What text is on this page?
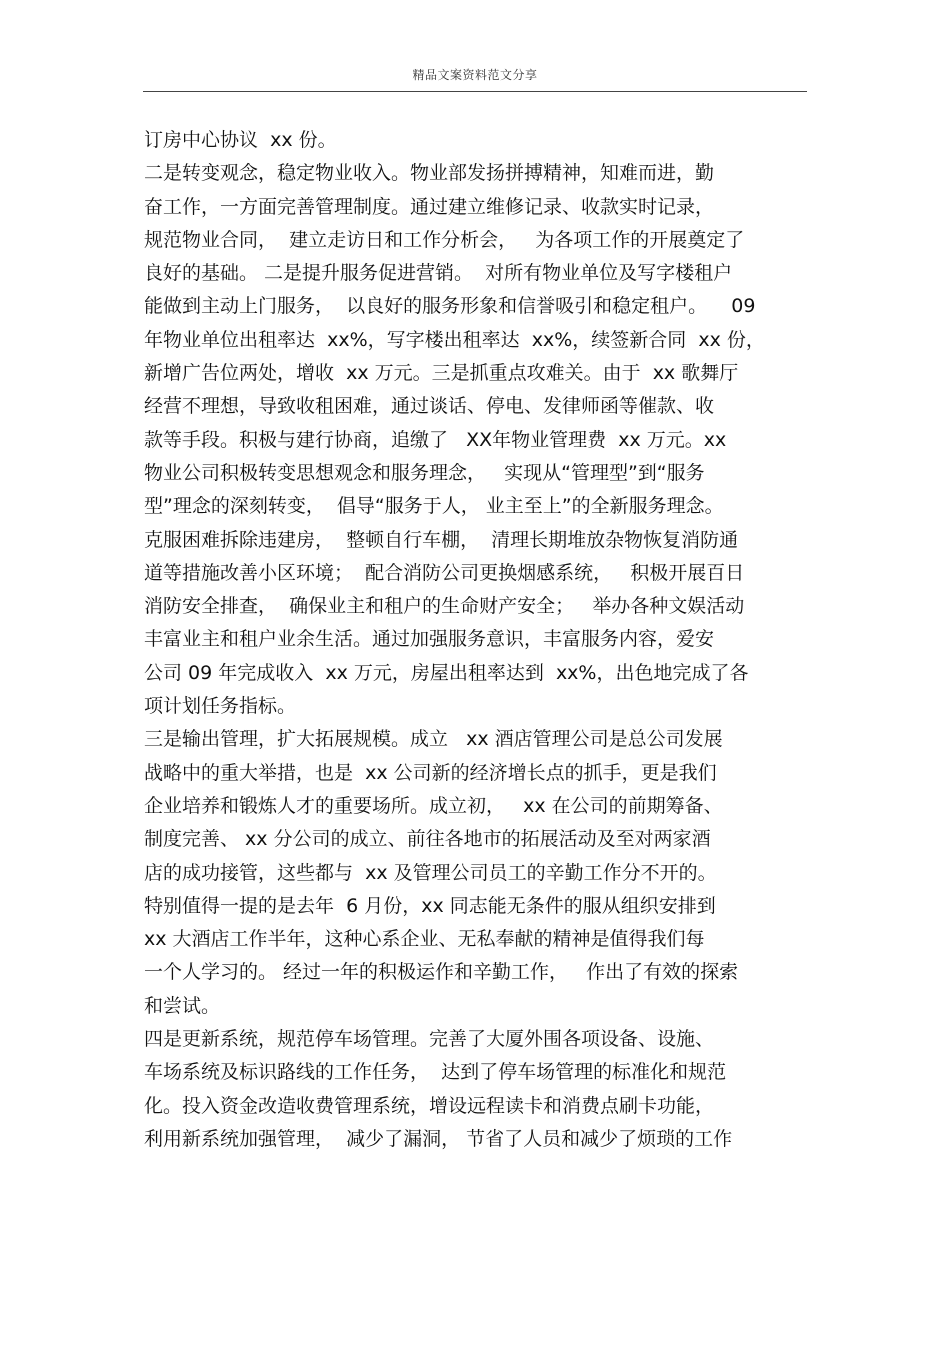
精品文案资料范文分享
订房中心协议  xx 份。
二是转变观念，稳定物业收入。物业部发扬拼搏精神，知难而进，勤
奋工作，一方面完善管理制度。通过建立维修记录、收款实时记录，
规范物业合同，  建立走访日和工作分析会，   为各项工作的开展奠定了
良好的基础。 二是提升服务促进营销。  对所有物业单位及写字楼租户
能做到主动上门服务，  以良好的服务形象和信誉吸引和稳定租户。    09
年物业单位出租率达  xx%，写字楼出租率达  xx%，续签新合同  xx 份，
新增广告位两处，增收  xx 万元。三是抓重点攻难关。由于  xx 歌舞厅
经营不理想，导致收租困难，通过谈话、停电、发律师函等催款、收
款等手段。积极与建行协商，追缴了   XX年物业管理费  xx 万元。xx
物业公司积极转变思想观念和服务理念，   实现从“管理型”到“服务
型”理念的深刻转变，  倡导“服务于人， 业主至上”的全新服务理念。
克服困难拆除违建房，  整顿自行车棚，  清理长期堆放杂物恢复消防通
道等措施改善小区环境；  配合消防公司更换烟感系统，   积极开展百日
消防安全排查，  确保业主和租户的生命财产安全；   举办各种文娱活动
丰富业主和租户业余生活。通过加强服务意识，丰富服务内容，爱安
公司 09 年完成收入  xx 万元，房屋出租率达到  xx%，出色地完成了各
项计划任务指标。
三是输出管理，扩大拓展规模。成立   xx 酒店管理公司是总公司发展
战略中的重大举措，也是  xx 公司新的经济增长点的抓手，更是我们
企业培养和锻炼人才的重要场所。成立初，   xx 在公司的前期筹备、
制度完善、 xx 分公司的成立、前往各地市的拓展活动及至对两家酒
店的成功接管，这些都与  xx 及管理公司员工的辛勤工作分不开的。
特别值得一提的是去年  6 月份，xx 同志能无条件的服从组织安排到
xx 大酒店工作半年，这种心系企业、无私奉献的精神是值得我们每
一个人学习的。 经过一年的积极运作和辛勤工作，   作出了有效的探索
和尝试。
四是更新系统，规范停车场管理。完善了大厦外围各项设备、设施、
车场系统及标识路线的工作任务，  达到了停车场管理的标准化和规范
化。投入资金改造收费管理系统，增设远程读卡和消费点刷卡功能，
利用新系统加强管理，  减少了漏洞， 节省了人员和减少了烦琐的工作
